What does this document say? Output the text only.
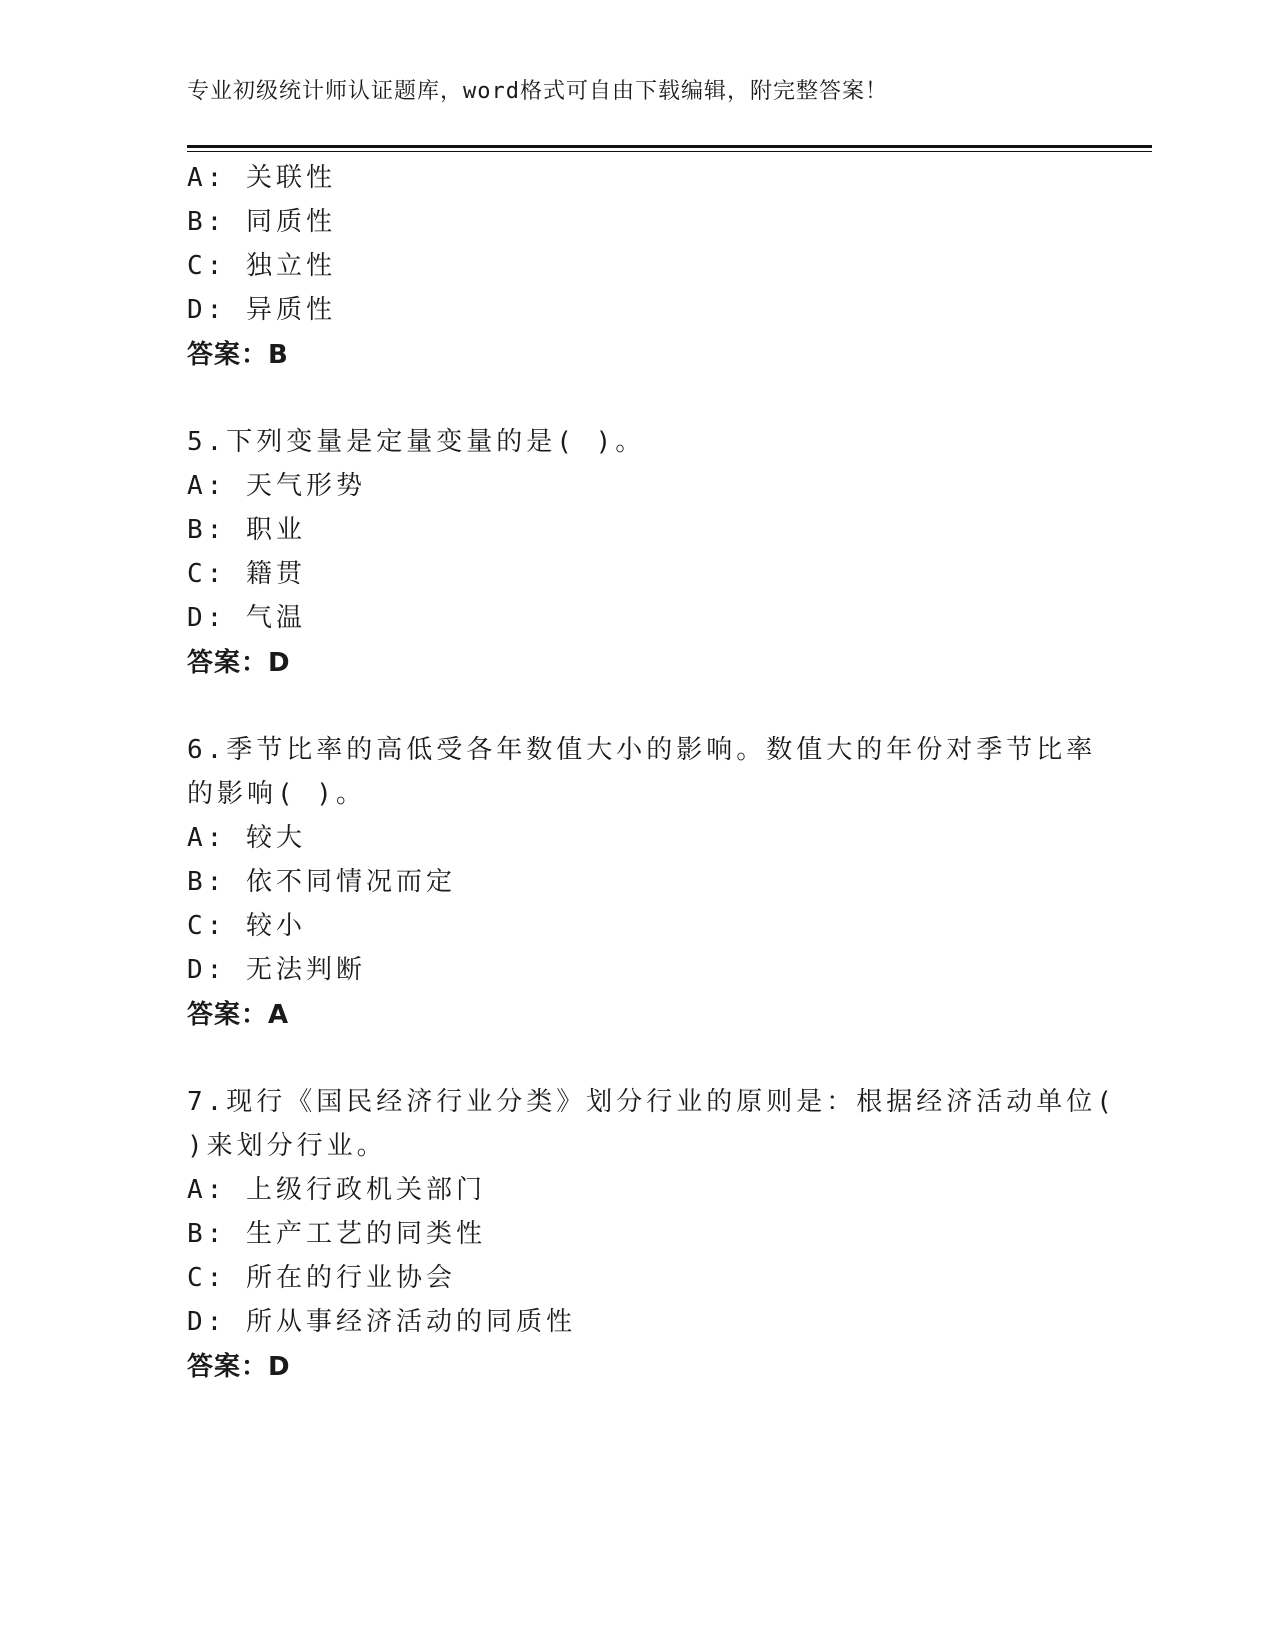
专业初级统计师认证题库，word格式可自由下载编辑，附完整答案！
A: 关联性
B: 同质性
C: 独立性
D: 异质性
答案：B
5.下列变量是定量变量的是( )。
A: 天气形势
B: 职业
C: 籍贯
D: 气温
答案：D
6.季节比率的高低受各年数值大小的影响。数值大的年份对季节比率
的影响( )。
A: 较大
B: 依不同情况而定
C: 较小
D: 无法判断
答案：A
7.现行《国民经济行业分类》划分行业的原则是：根据经济活动单位(
)来划分行业。
A: 上级行政机关部门
B: 生产工艺的同类性
C: 所在的行业协会
D: 所从事经济活动的同质性
答案：D
